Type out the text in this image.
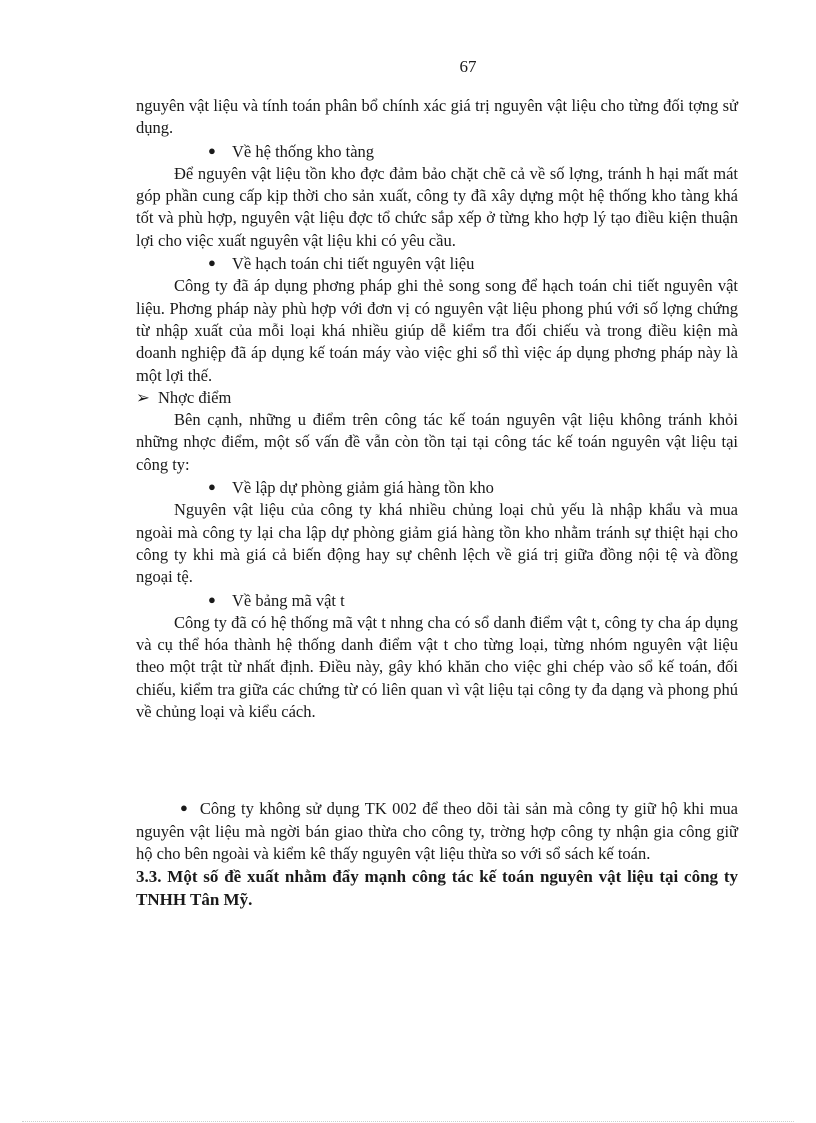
67

nguyên vật liệu và tính toán phân bổ chính xác giá trị nguyên vật liệu cho từng đối tợng sử dụng.

● Về hệ thống kho tàng

Để nguyên vật liệu tồn kho đợc đảm bảo chặt chẽ cả về số lợng, tránh h hại mất mát góp phần cung cấp kịp thời cho sản xuất, công ty đã xây dựng một hệ thống kho tàng khá tốt và phù hợp, nguyên vật liệu đợc tổ chức sắp xếp ở từng kho hợp lý tạo điều kiện thuận lợi cho việc xuất nguyên vật liệu khi có yêu cầu.

● Về hạch toán chi tiết nguyên vật liệu

Công ty đã áp dụng phơng pháp ghi thẻ song song để hạch toán chi tiết nguyên vật liệu. Phơng pháp này phù hợp với đơn vị có nguyên vật liệu phong phú với số lợng chứng từ nhập xuất của mỗi loại khá nhiều giúp dễ kiểm tra đối chiếu và trong điều kiện mà doanh nghiệp đã áp dụng kế toán máy vào việc ghi sổ thì việc áp dụng phơng pháp này là một lợi thế.

➢ Nhợc điểm

Bên cạnh, những u điểm trên công tác kế toán nguyên vật liệu không tránh khỏi những nhợc điểm, một số vấn đề vẫn còn tồn tại tại công tác kế toán nguyên vật liệu tại công ty:

● Về lập dự phòng giảm giá hàng tồn kho

Nguyên vật liệu của công ty khá nhiều chủng loại chủ yếu là nhập khẩu và mua ngoài mà công ty lại cha lập dự phòng giảm giá hàng tồn kho nhằm tránh sự thiệt hại cho công ty khi mà giá cả biến động hay sự chênh lệch về giá trị giữa đồng nội tệ và đồng ngoại tệ.

● Về bảng mã vật t

Công ty đã có hệ thống mã vật t nhng cha có sổ danh điểm vật t, công ty cha áp dụng và cụ thể hóa thành hệ thống danh điểm vật t cho từng loại, từng nhóm nguyên vật liệu theo một trật từ nhất định. Điều này, gây khó khăn cho việc ghi chép vào sổ kế toán, đối chiếu, kiểm tra giữa các chứng từ có liên quan vì vật liệu tại công ty đa dạng và phong phú về chủng loại và kiểu cách.

● Công ty không sử dụng TK 002 để theo dõi tài sản mà công ty giữ hộ khi mua nguyên vật liệu mà ngời bán giao thừa cho công ty, trờng hợp công ty nhận gia công giữ hộ cho bên ngoài và kiểm kê thấy nguyên vật liệu thừa so với sổ sách kế toán.

3.3. Một số đề xuất nhằm đẩy mạnh công tác kế toán nguyên vật liệu tại công ty TNHH Tân Mỹ.
